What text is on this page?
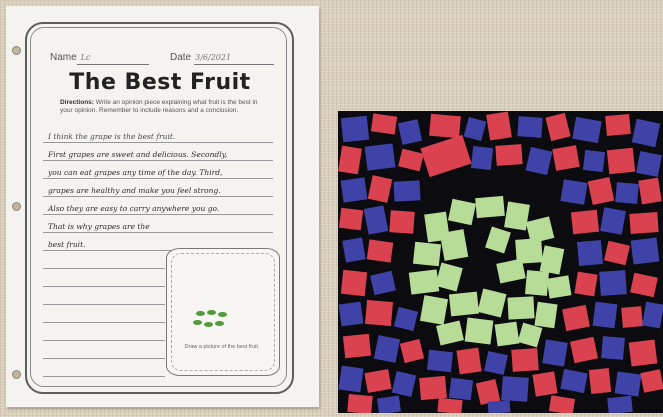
Name Lc	Date 3/6/2021
The Best Fruit
Directions: Write an opinion piece explaining what fruit is the best in your opinion. Remember to include reasons and a conclusion.
I think the grape is the best fruit.
First grapes are sweet and delicious. Secondly,
you can eat grapes any time of the day. Third,
grapes are healthy and make you feel strong.
Also they are easy to carry anywhere you go.
That is why grapes are the
best fruit.
Draw a picture of the best fruit.
